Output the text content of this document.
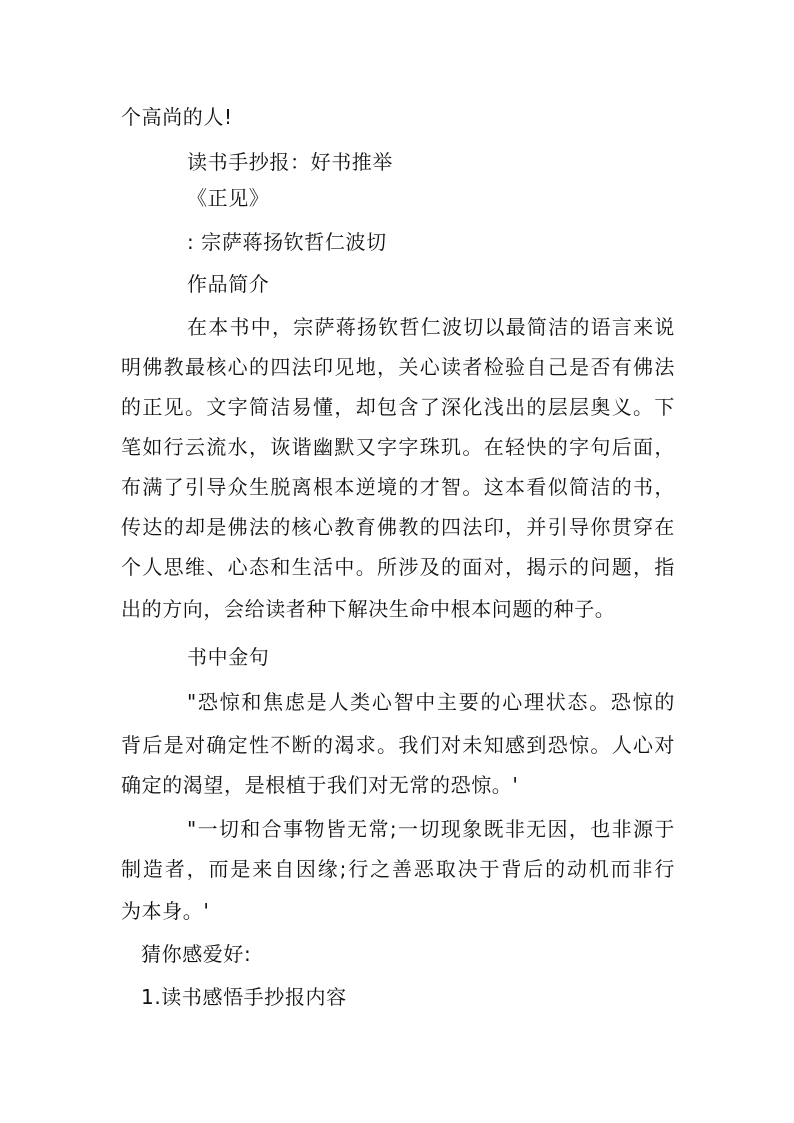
个高尚的人!
读书手抄报：好书推举
《正见》
: 宗萨蒋扬钦哲仁波切
作品简介
在本书中，宗萨蒋扬钦哲仁波切以最简洁的语言来说
明佛教最核心的四法印见地，关心读者检验自己是否有佛法
的正见。文字简洁易懂，却包含了深化浅出的层层奥义。下
笔如行云流水，诙谐幽默又字字珠玑。在轻快的字句后面，
布满了引导众生脱离根本逆境的才智。这本看似简洁的书，
传达的却是佛法的核心教育佛教的四法印，并引导你贯穿在
个人思维、心态和生活中。所涉及的面对，揭示的问题，指
出的方向，会给读者种下解决生命中根本问题的种子。
书中金句
"恐惊和焦虑是人类心智中主要的心理状态。恐惊的
背后是对确定性不断的渴求。我们对未知感到恐惊。人心对
确定的渴望，是根植于我们对无常的恐惊。'
"一切和合事物皆无常;一切现象既非无因，也非源于
制造者，而是来自因缘;行之善恶取决于背后的动机而非行
为本身。'
猜你感爱好:
1.读书感悟手抄报内容
